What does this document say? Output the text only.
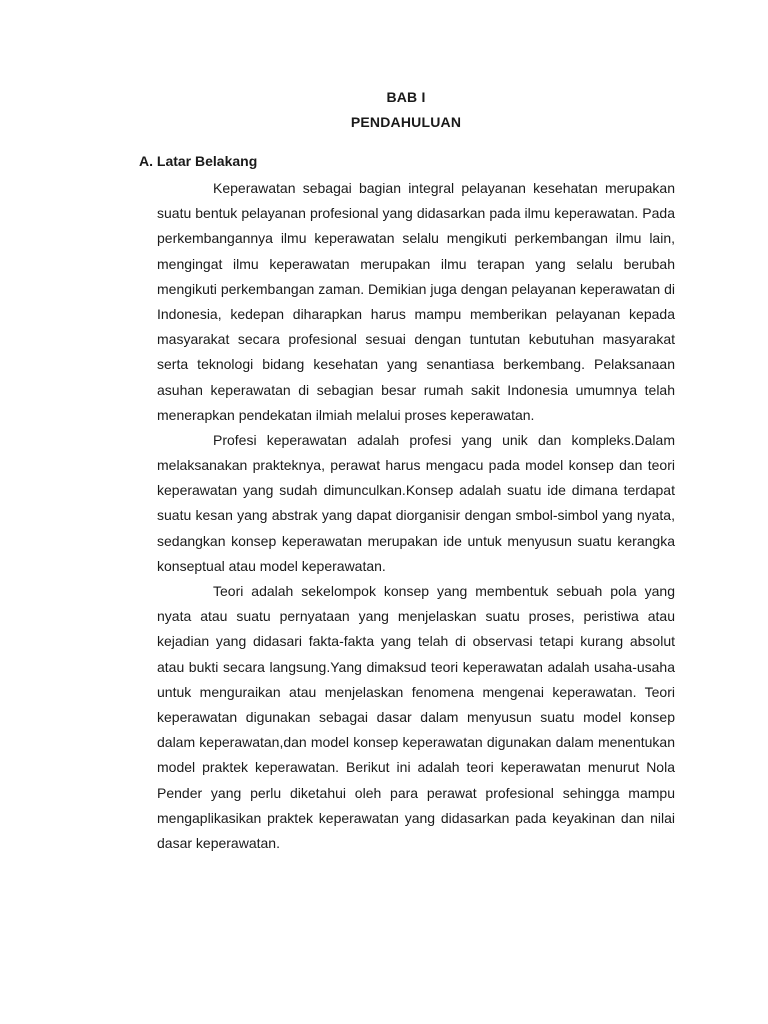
BAB I
PENDAHULUAN
A. Latar Belakang

Keperawatan sebagai bagian integral pelayanan kesehatan merupakan suatu bentuk pelayanan profesional yang didasarkan pada ilmu keperawatan. Pada perkembangannya ilmu keperawatan selalu mengikuti perkembangan ilmu lain, mengingat ilmu keperawatan merupakan ilmu terapan yang selalu berubah mengikuti perkembangan zaman. Demikian juga dengan pelayanan keperawatan di Indonesia, kedepan diharapkan harus mampu memberikan pelayanan kepada masyarakat secara profesional sesuai dengan tuntutan kebutuhan masyarakat serta teknologi bidang kesehatan yang senantiasa berkembang. Pelaksanaan asuhan keperawatan di sebagian besar rumah sakit Indonesia umumnya telah menerapkan pendekatan ilmiah melalui proses keperawatan.

Profesi keperawatan adalah profesi yang unik dan kompleks.Dalam melaksanakan prakteknya, perawat harus mengacu pada model konsep dan teori keperawatan yang sudah dimunculkan.Konsep adalah suatu ide dimana terdapat suatu kesan yang abstrak yang dapat diorganisir dengan smbol-simbol yang nyata, sedangkan konsep keperawatan merupakan ide untuk menyusun suatu kerangka konseptual atau model keperawatan.

Teori adalah sekelompok konsep yang membentuk sebuah pola yang nyata atau suatu pernyataan yang menjelaskan suatu proses, peristiwa atau kejadian yang didasari fakta-fakta yang telah di observasi tetapi kurang absolut atau bukti secara langsung.Yang dimaksud teori keperawatan adalah usaha-usaha untuk menguraikan atau menjelaskan fenomena mengenai keperawatan. Teori keperawatan digunakan sebagai dasar dalam menyusun suatu model konsep dalam keperawatan,dan model konsep keperawatan digunakan dalam menentukan model praktek keperawatan. Berikut ini adalah teori keperawatan menurut Nola Pender yang perlu diketahui oleh para perawat profesional sehingga mampu mengaplikasikan praktek keperawatan yang didasarkan pada keyakinan dan nilai dasar keperawatan.
